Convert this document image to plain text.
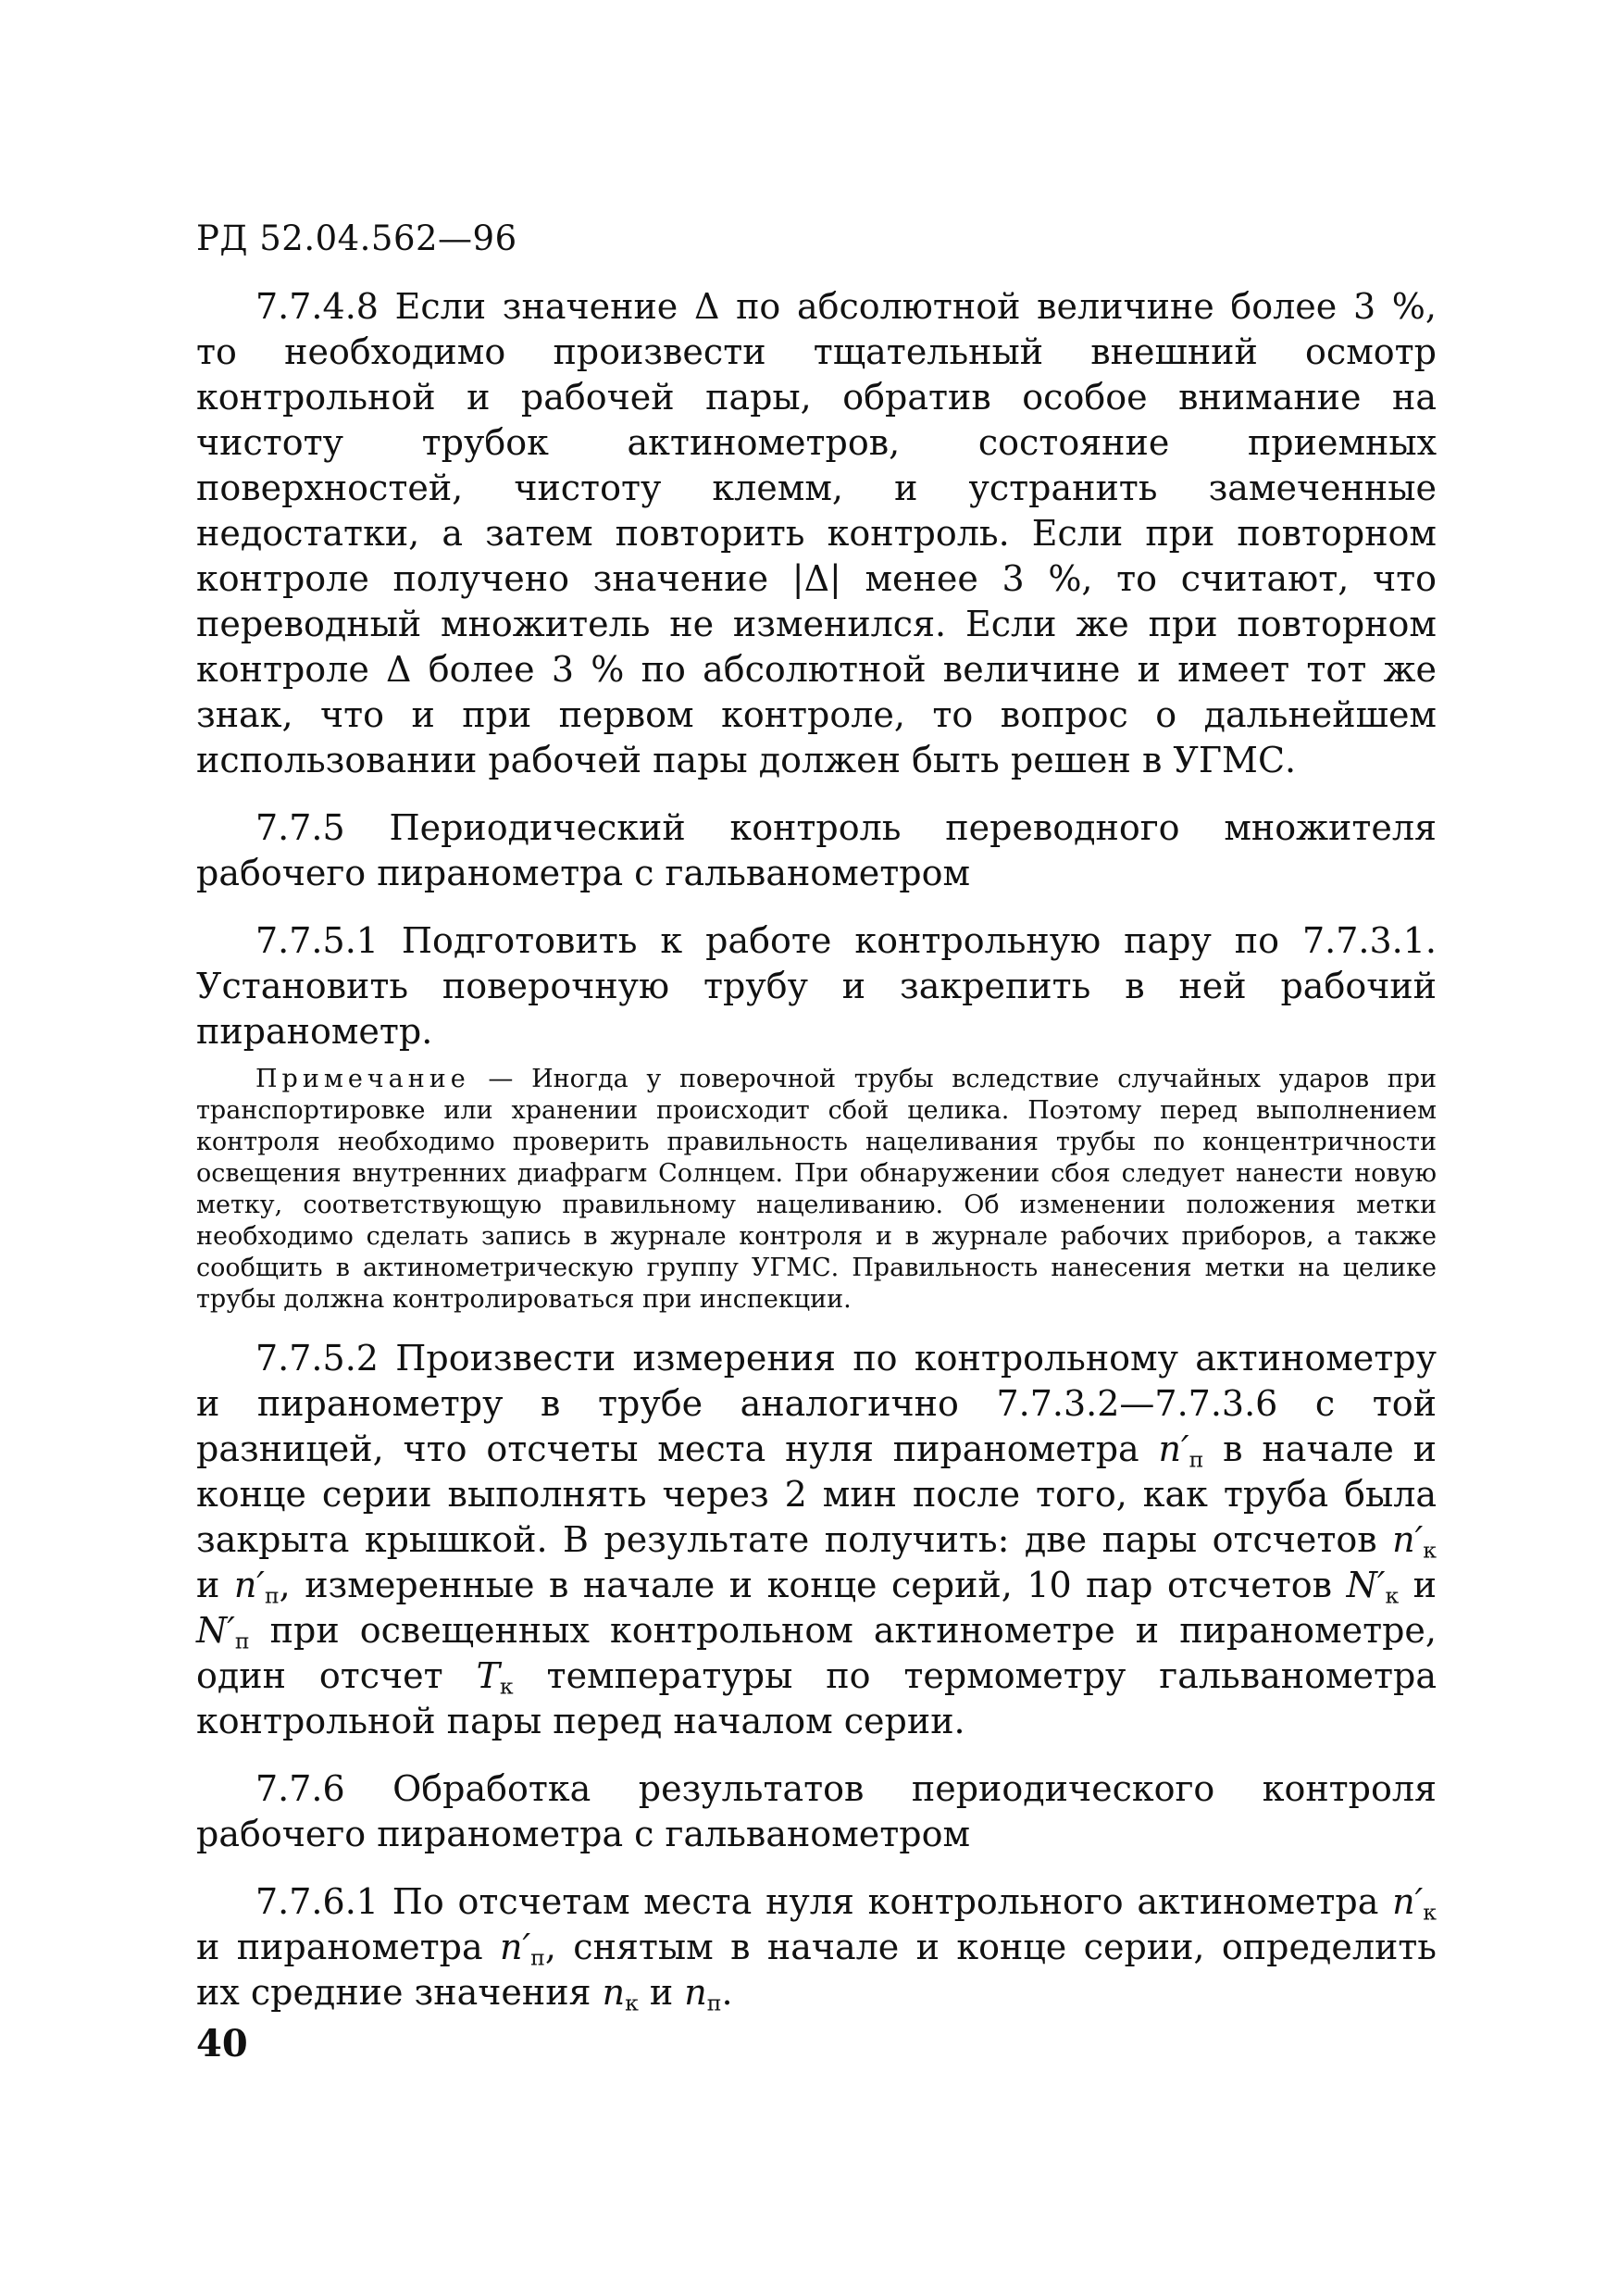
РД 52.04.562—96

7.7.4.8 Если значение Δ по абсолютной величине более 3 %, то необходимо произвести тщательный внешний осмотр контрольной и рабочей пары, обратив особое внимание на чистоту трубок актинометров, состояние приемных поверхностей, чистоту клемм, и устранить замеченные недостатки, а затем повторить контроль. Если при повторном контроле получено значение |Δ| менее 3 %, то считают, что переводный множитель не изменился. Если же при повторном контроле Δ более 3 % по абсолютной величине и имеет тот же знак, что и при первом контроле, то вопрос о дальнейшем использовании рабочей пары должен быть решен в УГМС.

7.7.5 Периодический контроль переводного множителя рабочего пиранометра с гальванометром

7.7.5.1 Подготовить к работе контрольную пару по 7.7.3.1. Установить поверочную трубу и закрепить в ней рабочий пиранометр.

Примечание — Иногда у поверочной трубы вследствие случайных ударов при транспортировке или хранении происходит сбой целика. Поэтому перед выполнением контроля необходимо проверить правильность нацеливания трубы по концентричности освещения внутренних диафрагм Солнцем. При обнаружении сбоя следует нанести новую метку, соответствующую правильному нацеливанию. Об изменении положения метки необходимо сделать запись в журнале контроля и в журнале рабочих приборов, а также сообщить в актинометрическую группу УГМС. Правильность нанесения метки на целике трубы должна контролироваться при инспекции.

7.7.5.2 Произвести измерения по контрольному актинометру и пиранометру в трубе аналогично 7.7.3.2—7.7.3.6 с той разницей, что отсчеты места нуля пиранометра $n'_п$ в начале и конце серии выполнять через 2 мин после того, как труба была закрыта крышкой. В результате получить: две пары отсчетов $n'_к$ и $n'_п$, измеренные в начале и конце серий, 10 пар отсчетов $N'_к$ и $N'_п$ при освещенных контрольном актинометре и пиранометре, один отсчет $T_к$ температуры по термометру гальванометра контрольной пары перед началом серии.

7.7.6 Обработка результатов периодического контроля рабочего пиранометра с гальванометром

7.7.6.1 По отсчетам места нуля контрольного актинометра $n'_к$ и пиранометра $n'_п$, снятым в начале и конце серии, определить их средние значения $n_к$ и $n_п$.

40
